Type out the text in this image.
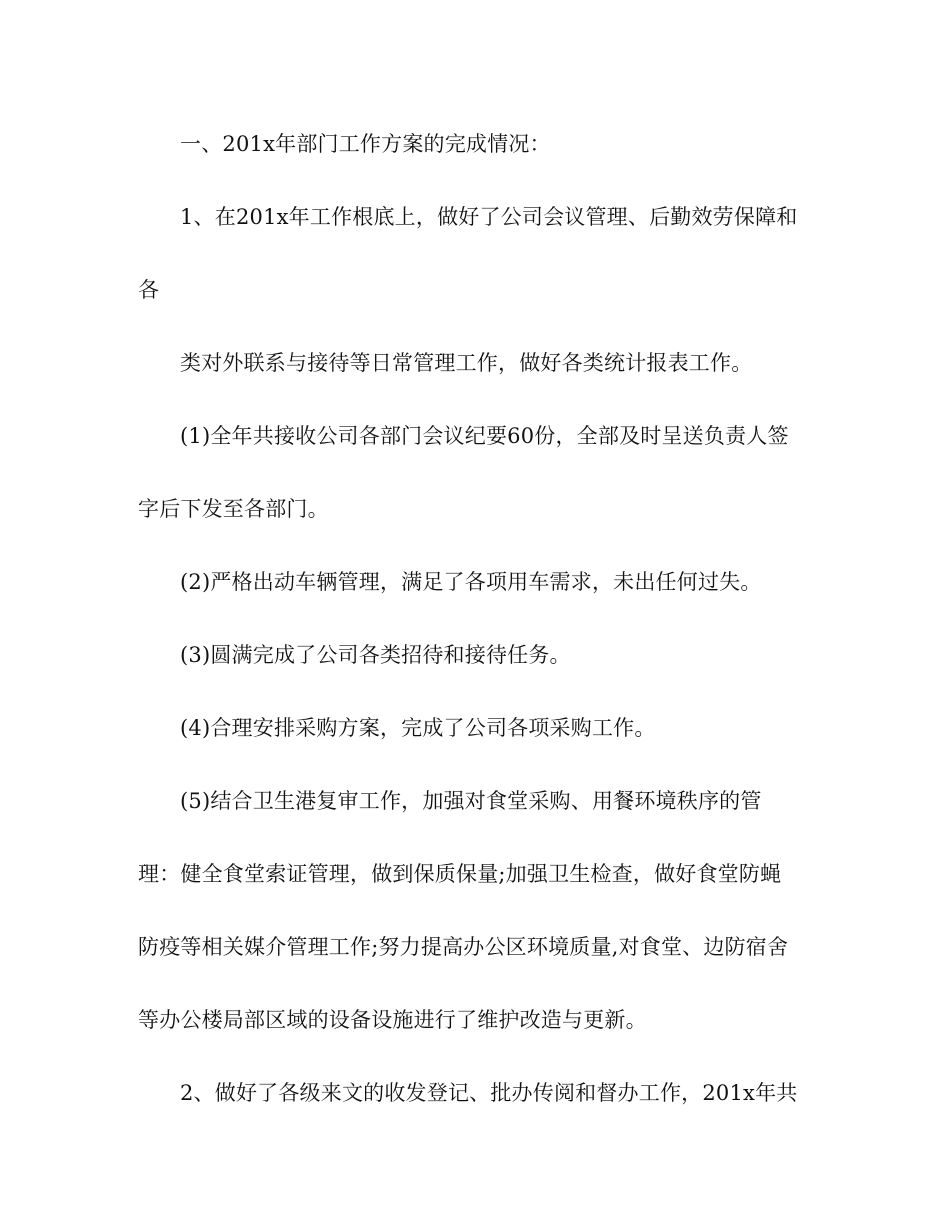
一、201x年部门工作方案的完成情况：
1、在201x年工作根底上，做好了公司会议管理、后勤效劳保障和
各
类对外联系与接待等日常管理工作，做好各类统计报表工作。
(1)全年共接收公司各部门会议纪要60份，全部及时呈送负责人签
字后下发至各部门。
(2)严格出动车辆管理，满足了各项用车需求，未出任何过失。
(3)圆满完成了公司各类招待和接待任务。
(4)合理安排采购方案，完成了公司各项采购工作。
(5)结合卫生港复审工作，加强对食堂采购、用餐环境秩序的管
理：健全食堂索证管理，做到保质保量;加强卫生检查，做好食堂防蝇
防疫等相关媒介管理工作;努力提高办公区环境质量,对食堂、边防宿舍
等办公楼局部区域的设备设施进行了维护改造与更新。
2、做好了各级来文的收发登记、批办传阅和督办工作，201x年共
